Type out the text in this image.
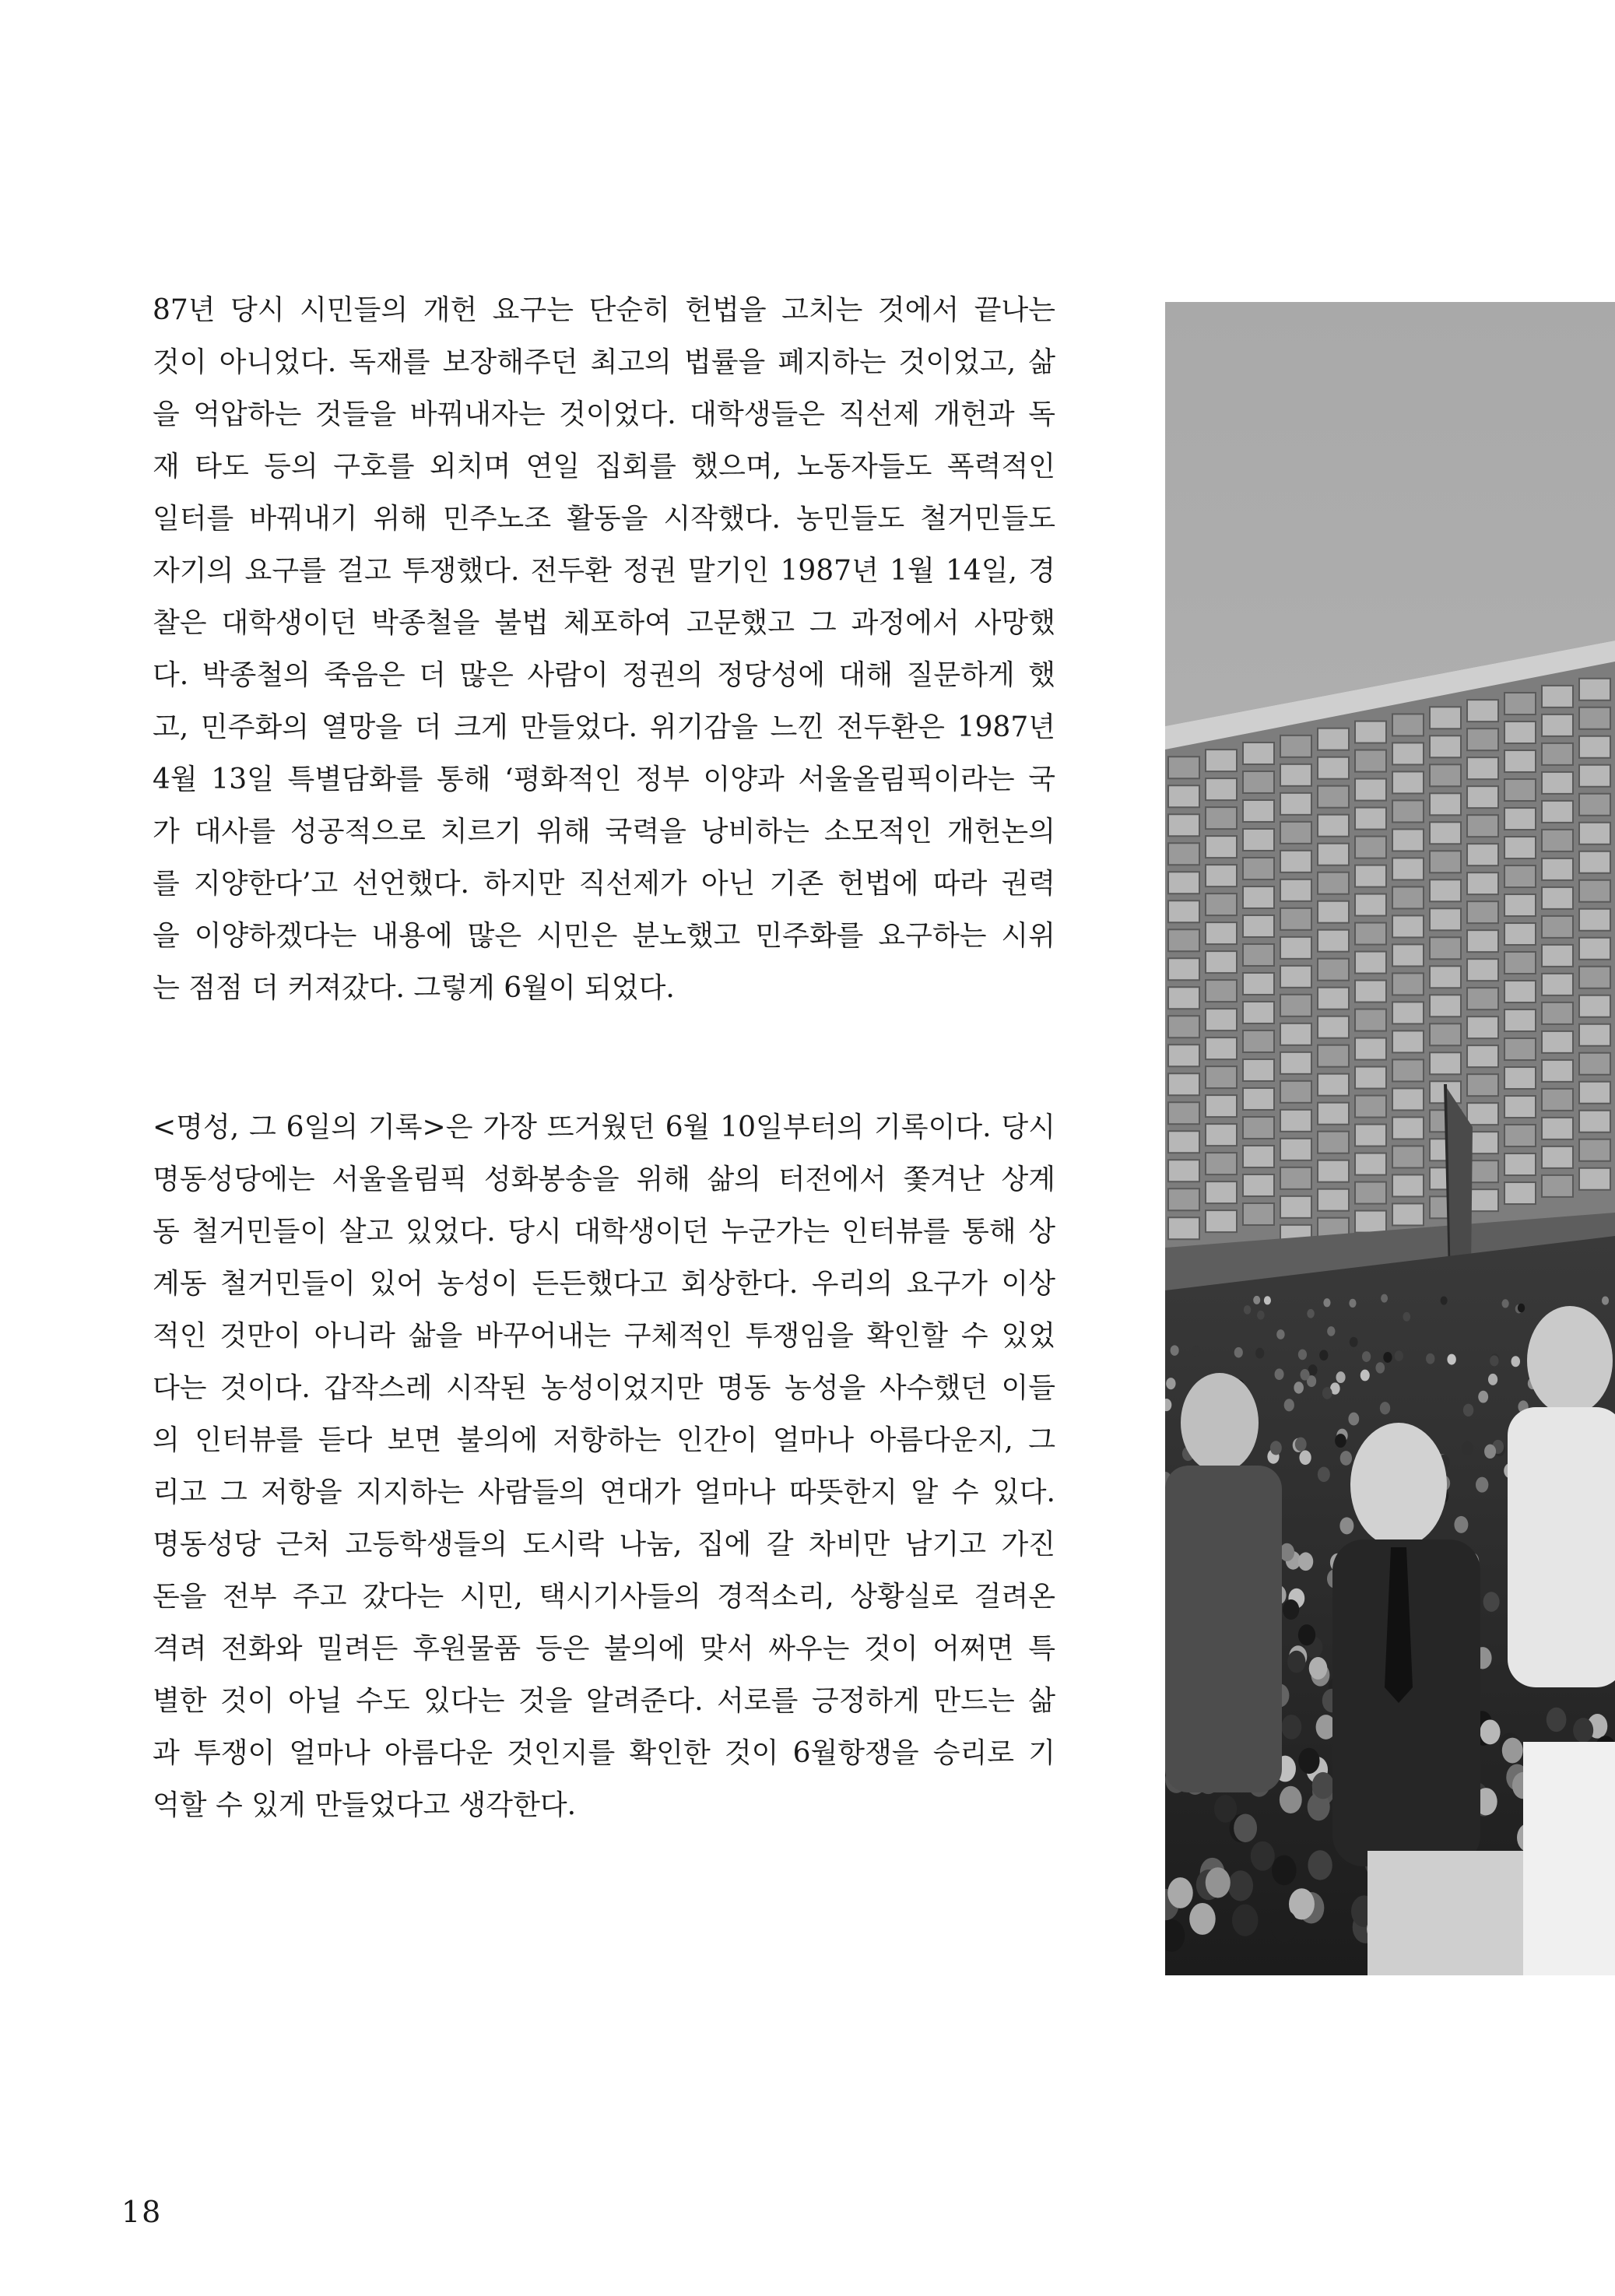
87년 당시 시민들의 개헌 요구는 단순히 헌법을 고치는 것에서 끝나는
것이 아니었다. 독재를 보장해주던 최고의 법률을 폐지하는 것이었고, 삶
을 억압하는 것들을 바꿔내자는 것이었다. 대학생들은 직선제 개헌과 독
재 타도 등의 구호를 외치며 연일 집회를 했으며, 노동자들도 폭력적인
일터를 바꿔내기 위해 민주노조 활동을 시작했다. 농민들도 철거민들도
자기의 요구를 걸고 투쟁했다. 전두환 정권 말기인 1987년 1월 14일, 경
찰은 대학생이던 박종철을 불법 체포하여 고문했고 그 과정에서 사망했
다. 박종철의 죽음은 더 많은 사람이 정권의 정당성에 대해 질문하게 했
고, 민주화의 열망을 더 크게 만들었다. 위기감을 느낀 전두환은 1987년
4월 13일 특별담화를 통해 ‘평화적인 정부 이양과 서울올림픽이라는 국
가 대사를 성공적으로 치르기 위해 국력을 낭비하는 소모적인 개헌논의
를 지양한다’고 선언했다. 하지만 직선제가 아닌 기존 헌법에 따라 권력
을 이양하겠다는 내용에 많은 시민은 분노했고 민주화를 요구하는 시위
는 점점 더 커져갔다. 그렇게 6월이 되었다.

<명성, 그 6일의 기록>은 가장 뜨거웠던 6월 10일부터의 기록이다. 당시
명동성당에는 서울올림픽 성화봉송을 위해 삶의 터전에서 쫓겨난 상계
동 철거민들이 살고 있었다. 당시 대학생이던 누군가는 인터뷰를 통해 상
계동 철거민들이 있어 농성이 든든했다고 회상한다. 우리의 요구가 이상
적인 것만이 아니라 삶을 바꾸어내는 구체적인 투쟁임을 확인할 수 있었
다는 것이다. 갑작스레 시작된 농성이었지만 명동 농성을 사수했던 이들
의 인터뷰를 듣다 보면 불의에 저항하는 인간이 얼마나 아름다운지, 그
리고 그 저항을 지지하는 사람들의 연대가 얼마나 따뜻한지 알 수 있다.
명동성당 근처 고등학생들의 도시락 나눔, 집에 갈 차비만 남기고 가진
돈을 전부 주고 갔다는 시민, 택시기사들의 경적소리, 상황실로 걸려온
격려 전화와 밀려든 후원물품 등은 불의에 맞서 싸우는 것이 어쩌면 특
별한 것이 아닐 수도 있다는 것을 알려준다. 서로를 긍정하게 만드는 삶
과 투쟁이 얼마나 아름다운 것인지를 확인한 것이 6월항쟁을 승리로 기
억할 수 있게 만들었다고 생각한다.

18
